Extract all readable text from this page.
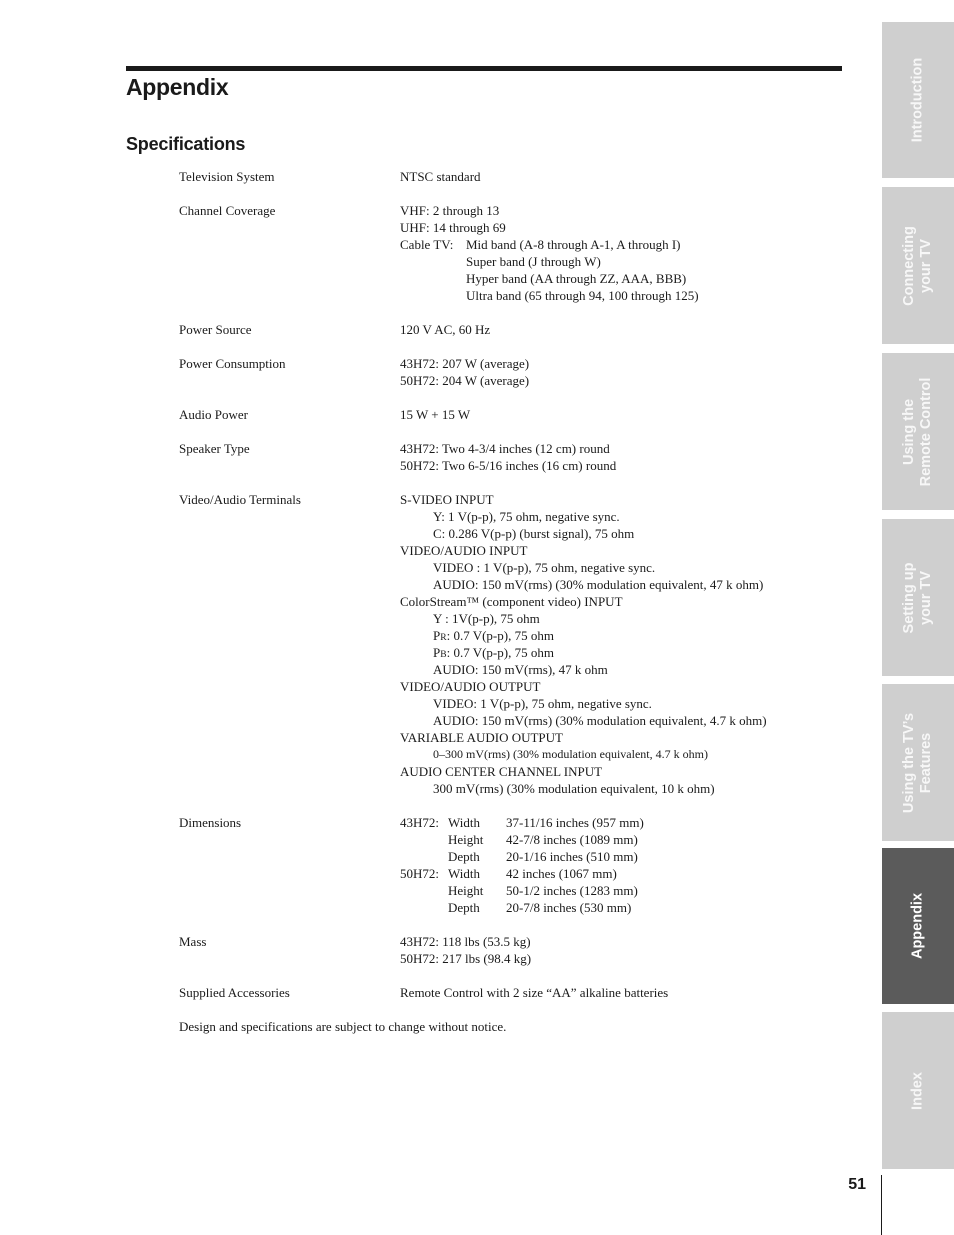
Appendix
Specifications
Television System	NTSC standard
Channel Coverage	VHF: 2 through 13
UHF: 14 through 69
Cable TV: Mid band (A-8 through A-1, A through I)
Super band (J through W)
Hyper band (AA through ZZ, AAA, BBB)
Ultra band (65 through 94, 100 through 125)
Power Source	120 V AC, 60 Hz
Power Consumption	43H72: 207 W (average)
50H72: 204 W (average)
Audio Power	15 W + 15 W
Speaker Type	43H72: Two 4-3/4 inches (12 cm) round
50H72: Two 6-5/16 inches (16 cm) round
Video/Audio Terminals	S-VIDEO INPUT
Y: 1 V(p-p), 75 ohm, negative sync.
C: 0.286 V(p-p) (burst signal), 75 ohm
VIDEO/AUDIO INPUT
VIDEO : 1 V(p-p), 75 ohm, negative sync.
AUDIO: 150 mV(rms) (30% modulation equivalent, 47 k ohm)
ColorStream™ (component video) INPUT
Y : 1V(p-p), 75 ohm
PR: 0.7 V(p-p), 75 ohm
PB: 0.7 V(p-p), 75 ohm
AUDIO: 150 mV(rms), 47 k ohm
VIDEO/AUDIO OUTPUT
VIDEO: 1 V(p-p), 75 ohm, negative sync.
AUDIO: 150 mV(rms) (30% modulation equivalent, 4.7 k ohm)
VARIABLE AUDIO OUTPUT
0–300 mV(rms) (30% modulation equivalent, 4.7 k ohm)
AUDIO CENTER CHANNEL INPUT
300 mV(rms) (30% modulation equivalent, 10 k ohm)
Dimensions	43H72: Width 37-11/16 inches (957 mm)
Height 42-7/8 inches (1089 mm)
Depth 20-1/16 inches (510 mm)
50H72: Width 42 inches (1067 mm)
Height 50-1/2 inches (1283 mm)
Depth 20-7/8 inches (530 mm)
Mass	43H72: 118 lbs (53.5 kg)
50H72: 217 lbs (98.4 kg)
Supplied Accessories	Remote Control with 2 size “AA” alkaline batteries
Design and specifications are subject to change without notice.
Introduction
Connecting
your TV
Using the
Remote Control
Setting up
your TV
Using the TV’s
Features
Appendix
Index
51
